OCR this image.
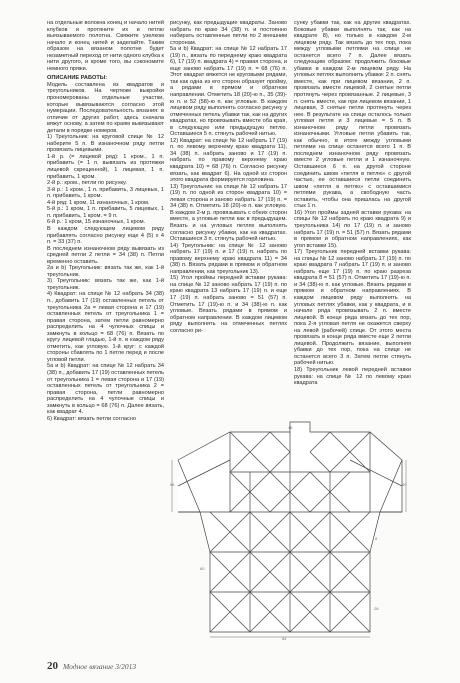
на отдельные волокна конец и начало нитей клубков и протяните их и петлю выязываемого полотна. Свяжите узелком начало и конец нитей и заделайте. Таким образом на вязаном полотне будет незаметный переход от нити одного клубка к нити другого, и кроме того, вы сэкономите немного пряжи.

ОПИСАНИЕ РАБОТЫ:

Модель составлена из квадратов и треугольников. На чертеже выкройки прономерованы отдельные участки, которые вывязываются согласно этой нумерации. Последовательность вязания: в отличие от других работ, здесь сначала вяжут основу, а затем по краям вывязывают детали в порядке номеров.

1) Треугольник: на круговой спице № 12 наберите 5 п. В изнаночном ряду петли провязать лицевыми.

1-й р. (= лицевой ряд): 1 кром., 1 п. прибавить (= 1 п. вывязать из протяжки лицевой скрещенной), 1 лицевая, 1 п. прибавить, 1 кром.

2-й р.: кром., петли по рисунку.

3-й р.: 1 кром., 1 п. прибавить, 3 лицевых, 1 п. прибавить, 1 кром.

4-й ряд: 1 кром, 11 изнаночных, 1 кром.

5-й р.: 1 кром, 1 п. прибавить, 5 лицевых, 1 п. прибавить, 1 кром. = 9 п.

6-й р.: 1 кром, 15 изнаночных, 1 кром.

В каждом следующем лицевом ряду прибавлять согласно рисунку еще 4 (5) х 4 п. = 33 (37) п.

В последнем изнаночном ряду вывязать из средней петли 2 петли = 34 (38) п. Петли временно оставить.

2a и b) Треугольник: вязать так же, как 1-й треугольник.

3) Треугольник: вязать так же, как 1-й треугольник.

4) Квадрат: на спице № 12 набрать 34 (38) п., добавить 17 (19) оставленных петель от треугольника 2a = левая сторона и 17 (19) оставленных петель от треугольника 1 = правая сторона, затем петли равномерно распределить на 4 чулочных спицы и замкнуть в кольцо = 68 (76) п. Вязать по кругу лицевой гладью, 1-й п. в каждом ряду отметить, как угловую. 1-й круг: с каждой стороны сбавлять по 1 петле перед и после угловой петли.

5a и b) Квадрат: на спице № 12 набрать 34 (38) п., добавить 17 (19) оставленных петель от треугольника 1 = левая сторона и 17 (19) оставленных петель от треугольника 2 = правая сторона, петли равномерно распределить на 4 чулочные спицы и замкнуть в кольцо = 68 (76) п. Далее вязать, как квадрат 4.

6) Квадрат: вязать петли согласно

рисунку, как предыдущие квадраты. Заново набрать по краю 34 (38) п. и постоянно набирать оставленные петли по 2 внешним сторонам.

5a и b) Квадрат: на спице № 12 набрать 17 (19) п., вязать по переднему краю квадрата 6), 17 (19) п. квадрата 4) = правая сторона, и еще заново набрать 17 (19) п. = 68 (76) п. Этот квадрат вяжется не круговыми рядами, так как одна из его сторон образует пройму, а рядами в прямом и обратном направлении. Отметить 18 (20)-ю п., 35 (39)-ю п. и 52 (58)-ю п. как угловые. В каждом лицевом ряду выполнять согласно рисунку у отмеченных петель убавки так, как на других квадратах, но провязывать вместе оба края, в следующую или предыдущую петлю. Оставшиеся 5 п. стянуть рабочей нитью.

12) Квадрат: на спице № 12 набрать 17 (19) п. по левому верхнему краю квадрата 11), 34 (38) п. набрать заново и 17 (19) п. набрать по правому верхнему краю квадрата 10) = 68 (76) п. Согласно рисунку вязать, как квадрат 6). На одной из сторон этого квадрата формируется горловина.

13) Треугольник: на спице № 12 набрать 17 (19) п. по одной из сторон квадрата 10) = левая сторона и заново набрать 17 (19) п. = 34 (38) п. Отметить 18 (20)-ю п. как угловую. В каждом 2-м р. провязывать с обеих сторон вместе, а угловые петли как в предыдущем. Вязать и на угловых петлях выполнять согласно рисунку убавки, как на квадратах. Оставшиеся 3 п. стянуть рабочей нитью.

14) Треугольник: на спице № 12 заново набрать 17 (19) п. и 17 (19) п. набрать по правому верхнему краю квадрата 11) = 34 (38) п. Вязать рядами в прямом и обратном направлении, как треугольник 13).

15) Угол проймы передней вставки рукава: на спице № 12 заново набрать 17 (19) п. по краю квадрата 13 набрать 17 (19) п. и еще 17 (19) п. набрать заново = 51 (57) п. Отметить 17 (19)-ю п. и 34 (38)-ю п. как угловые. Вязать рядами в прямом и обратном направлении. В каждом лицевом ряду выполнять на отмеченных петлях согласно ри-

сунку убавки так, как на других квадратах. Боковые убавки выполнять так, как на квадрате 8), но только в каждом 2-м лицевом ряду. Так вязать до тех пор, пока между угловыми петлями на спице не останется всего 7 п. Далее вязать следующим образом: продолжить боковые убавки в каждом 2-м лицевом ряду. На угловых петлях выполнить убавки: 2 п. снять вместе, как при лицевом вязании, 2 п. провязать вместе лицевой, 2 снятые петли протянуть через провязанные. 2 лицевые, 3 п. снять вместе, как при лицевом вязании, 1 лицевая, 3 снятые петли протянуть через нее. В результате на спице осталось только угловая петля и 3 лицевые = 5 п. В изнаночном ряду петли провязать изнаночными. Угловые петли убавить так, как обычно, в итоге между угловыми петлями на спице останется всего 1 п. В последнем изнаночном ряду провязать вместе 2 угловые петли и 1 изнаночную. Оставшиеся 6 п. на другой стороне соединить швом «петля в петлю» с другой частью, ее оставшиеся петли соединить швом «петля в петлю» с оставшимися петлями рукава, а свободную часть оставить, чтобы она пришлась на другой стык 1 п.

16) Угол проймы задней вставки рукава: на спицы № 12 набрать по краю квадрата 9) и треугольника 14) по 17 (19) п. и заново набрать 17 (19) п. = 51 (57) п. Вязать рядами в прямом и обратном направлениях, как угол вставки 15).

17) Треугольник передней вставки рукава: на спицы № 12 заново набрать 17 (19) п. по краю квадрата 7 набрать 17 (19) п. и заново набрать еще 17 (19) п. по краю разреза квадрата 8 = 51 (57) п. Отметить 17 (19)-ю п. и 34 (38)-ю п. как угловые. Вязать рядами в прямом и обратном направлениях. В каждом лицевом ряду выполнять на угловых петлях убавки, как у квадрата, и в начале ряда провязывать 2 п. вместе лицевой. В конце ряда вязать до тех пор, пока 2-я угловая петля не окажется сверху на левой (рабочей) спице. От этого места провязать в конце ряда вместе еще 2 петли лицевой. Продолжить вязание, выполняя убавки до тех пор, пока на спице не останется всего 3 п. Затем петли стянуть рабочей нитью.

18) Треугольник левой передней вставки рукава: на спице № 12 по левому краю квадрата

56	40
16
8
60
64
28
20 Модное вязание 3/2013
